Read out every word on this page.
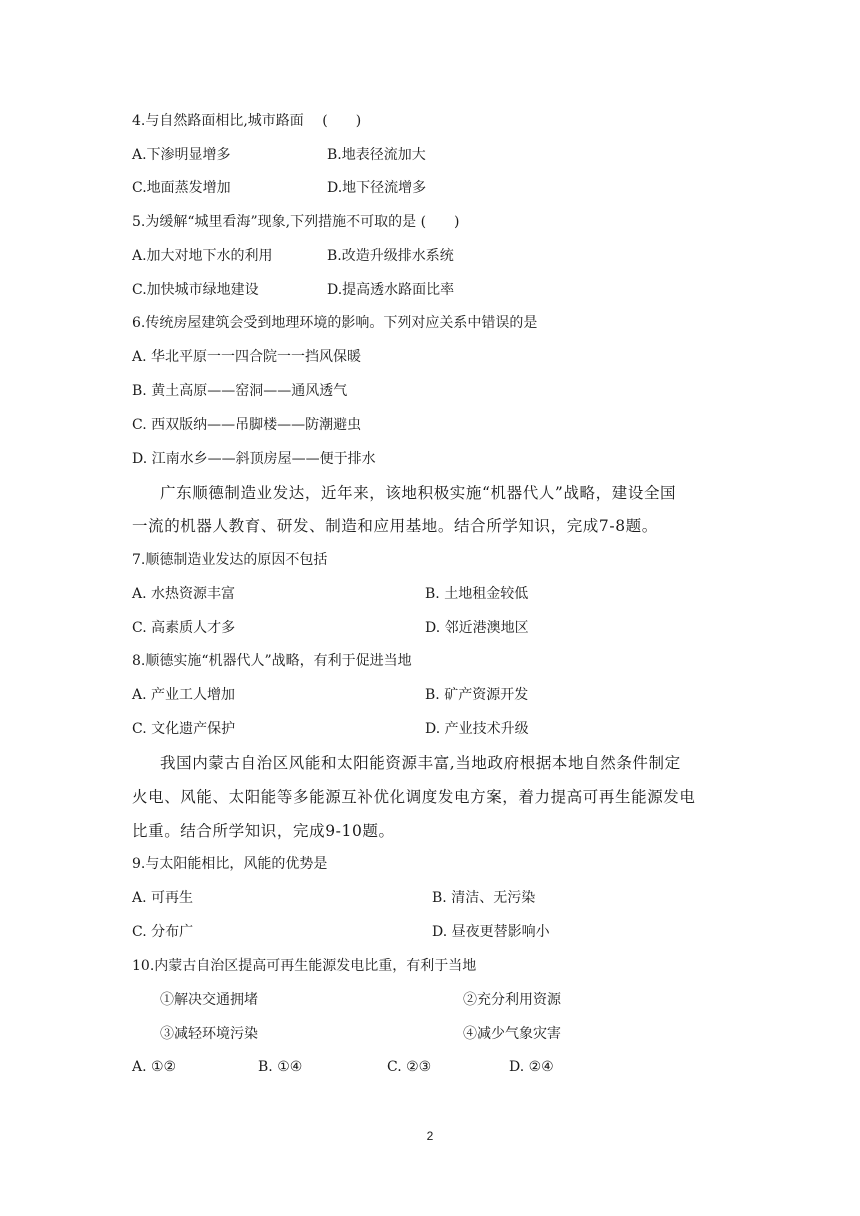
4.与自然路面相比,城市路面　 (　　)
A.下渗明显增多	B.地表径流加大
C.地面蒸发增加	D.地下径流增多
5.为缓解“城里看海”现象,下列措施不可取的是 (　　)
A.加大对地下水的利用	B.改造升级排水系统
C.加快城市绿地建设	D.提高透水路面比率
6.传统房屋建筑会受到地理环境的影响。下列对应关系中错误的是
A. 华北平原一一四合院一一挡风保暖
B. 黄土高原——窑洞——通风透气
C. 西双版纳——吊脚楼——防潮避虫
D. 江南水乡——斜顶房屋——便于排水
广东顺德制造业发达，近年来，该地积极实施“机器代人”战略，建设全国
一流的机器人教育、研发、制造和应用基地。结合所学知识，完成7-8题。
7.顺德制造业发达的原因不包括
A. 水热资源丰富	B. 土地租金较低
C. 高素质人才多	D. 邻近港澳地区
8.顺德实施“机器代人”战略，有利于促进当地
A. 产业工人增加	B. 矿产资源开发
C. 文化遗产保护	D. 产业技术升级
我国内蒙古自治区风能和太阳能资源丰富,当地政府根据本地自然条件制定
火电、风能、太阳能等多能源互补优化调度发电方案，着力提高可再生能源发电
比重。结合所学知识，完成9-10题。
9.与太阳能相比，风能的优势是
A. 可再生	B. 清洁、无污染
C. 分布广	D. 昼夜更替影响小
10.内蒙古自治区提高可再生能源发电比重，有利于当地
①解决交通拥堵	②充分利用资源
③减轻环境污染	④减少气象灾害
A. ①②	B. ①④	C. ②③	D. ②④
2
